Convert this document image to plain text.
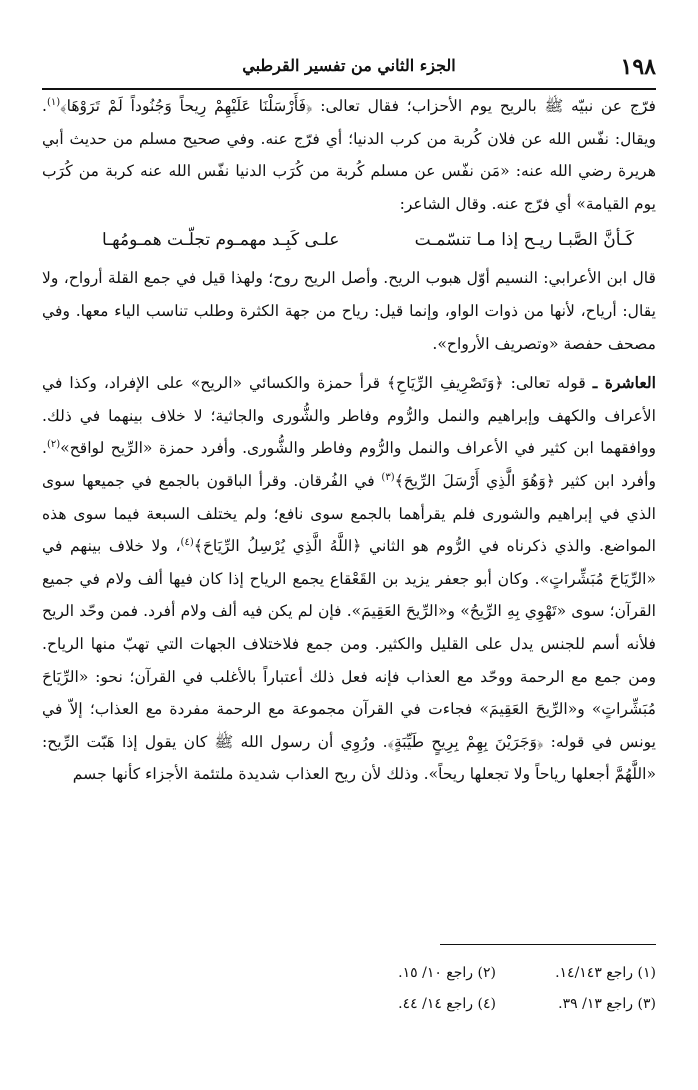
١٩٨
الجزء الثاني من تفسير القرطبي

فرّج عن نبيّه ﷺ بالريح يوم الأحزاب؛ فقال تعالى: ﴿فَأَرْسَلْنَا عَلَيْهِمْ رِيحاً وَجُنُوداً لَمْ تَرَوْهَا﴾$^{(١)}$. ويقال: نفّس الله عن فلان كُربة من كرب الدنيا؛ أي فرّج عنه. وفي صحيح مسلم من حديث أبي هريرة رضي الله عنه: «مَن نفّس عن مسلم كُربة من كُرَب الدنيا نفّس الله عنه كربة من كُرَب يوم القيامة» أي فرّج عنه. وقال الشاعر:

كَـأنَّ الصَّبـا ريـح إذا مـا تنسّمـت
علـى كَبِـد مهمـوم تجلّـت همـومُهـا

قال ابن الأعرابي: النسيم أوّل هبوب الريح. وأصل الريح روح؛ ولهذا قيل في جمع القلة أرواح، ولا يقال: أرياح، لأنها من ذوات الواو، وإنما قيل: رياح من جهة الكثرة وطلب تناسب الياء معها. وفي مصحف حفصة «وتصريف الأرواح».

العاشرة ـ قوله تعالى: ﴿وَتَصْرِيفِ الرِّيَاحِ﴾ قرأ حمزة والكسائي «الريح» على الإفراد، وكذا في الأعراف والكهف وإبراهيم والنمل والرُّوم وفاطر والشُّورى والجاثية؛ لا خلاف بينهما في ذلك. ووافقهما ابن كثير في الأعراف والنمل والرُّوم وفاطر والشُّورى. وأفرد حمزة «الرِّيح لواقح»$^{(٢)}$. وأفرد ابن كثير ﴿وَهُوَ الَّذِي أَرْسَلَ الرِّيحَ﴾$^{(٣)}$ في الفُرقان. وقرأ الباقون بالجمع في جميعها سوى الذي في إبراهيم والشورى فلم يقرأهما بالجمع سوى نافع؛ ولم يختلف السبعة فيما سوى هذه المواضع. والذي ذكرناه في الرُّوم هو الثاني ﴿اللَّهُ الَّذِي يُرْسِلُ الرِّيَاحَ﴾$^{(٤)}$، ولا خلاف بينهم في «الرِّيَاحَ مُبَشِّراتٍ». وكان أبو جعفر يزيد بن القَعْقاع يجمع الرياح إذا كان فيها ألف ولام في جميع القرآن؛ سوى «تَهْوِي بِهِ الرِّيحُ» و«الرِّيحَ العَقِيمَ». فإن لم يكن فيه ألف ولام أفرد. فمن وحّد الريح فلأنه أسم للجنس يدل على القليل والكثير. ومن جمع فلاختلاف الجهات التي تهبّ منها الرياح. ومن جمع مع الرحمة ووحّد مع العذاب فإنه فعل ذلك أعتباراً بالأغلب في القرآن؛ نحو: «الرِّيَاحَ مُبَشِّراتٍ» و«الرِّيحَ العَقِيمَ» فجاءت في القرآن مجموعة مع الرحمة مفردة مع العذاب؛ إلاّ في يونس في قوله: ﴿وَجَرَيْنَ بِهِمْ بِرِيحٍ طَيِّبَةٍ﴾. ورُوِي أن رسول الله ﷺ كان يقول إذا هَبّت الرِّيح: «اللَّهُمَّ أجعلها رياحاً ولا تجعلها ريحاً». وذلك لأن ريح العذاب شديدة ملتئمة الأجزاء كأنها جسم

(١) راجع ١٤/١٤٣.
(٢) راجع ١٠/ ١٥.
(٣) راجع ١٣/ ٣٩.
(٤) راجع ١٤/ ٤٤.
